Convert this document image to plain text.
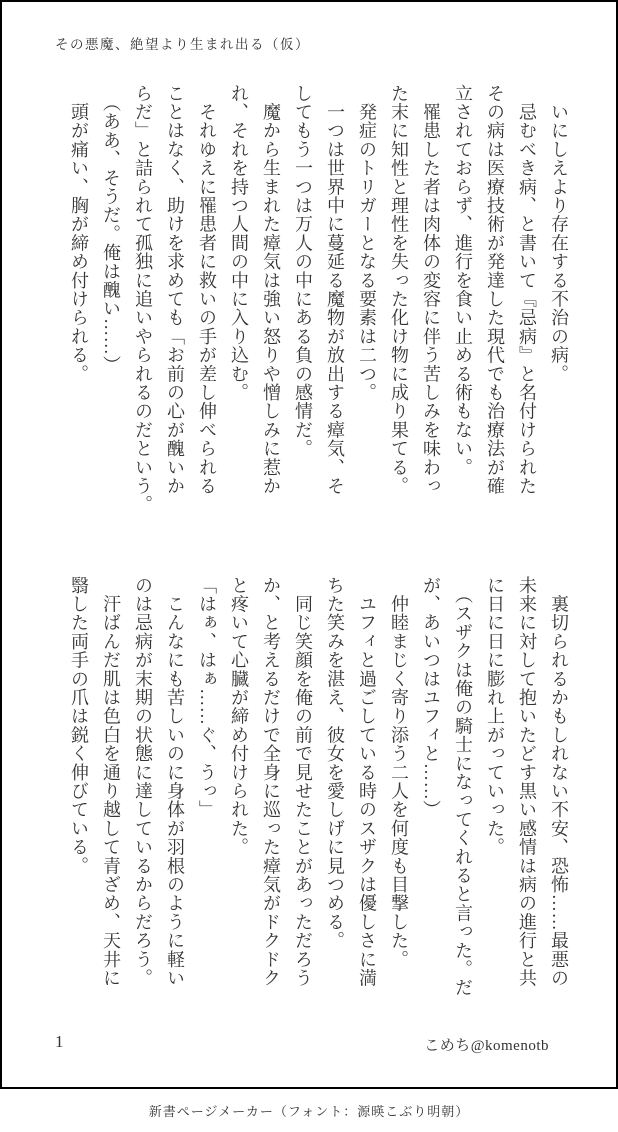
その悪魔、絶望より生まれ出る（仮）
　いにしえより存在する不治の病。
　忌むべき病、と書いて『忌病』と名付けられた
その病は医療技術が発達した現代でも治療法が確
立されておらず、進行を食い止める術もない。
　罹患した者は肉体の変容に伴う苦しみを味わっ
た末に知性と理性を失った化け物に成り果てる。
　発症のトリガーとなる要素は二つ。
　一つは世界中に蔓延る魔物が放出する瘴気、そ
してもう一つは万人の中にある負の感情だ。
　魔から生まれた瘴気は強い怒りや憎しみに惹か
れ、それを持つ人間の中に入り込む。
　それゆえに罹患者に救いの手が差し伸べられる
ことはなく、助けを求めても「お前の心が醜いか
らだ」と詰られて孤独に追いやられるのだという。
　（ああ、そうだ。俺は醜い……）
　頭が痛い、胸が締め付けられる。
　裏切られるかもしれない不安、恐怖……最悪の
未来に対して抱いたどす黒い感情は病の進行と共
に日に日に膨れ上がっていった。
　（スザクは俺の騎士になってくれると言った。だ
が、あいつはユフィと……）
　仲睦まじく寄り添う二人を何度も目撃した。
　ユフィと過ごしている時のスザクは優しさに満
ちた笑みを湛え、彼女を愛しげに見つめる。
　同じ笑顔を俺の前で見せたことがあっただろう
か、と考えるだけで全身に巡った瘴気がドクドク
と疼いて心臓が締め付けられた。
「はぁ、はぁ……ぐ、うっ」
　こんなにも苦しいのに身体が羽根のように軽い
のは忌病が末期の状態に達しているからだろう。
　汗ばんだ肌は色白を通り越して青ざめ、天井に
翳した両手の爪は鋭く伸びている。
1	こめち@komenotb
新書ページメーカー（フォント：源暎こぶり明朝）
